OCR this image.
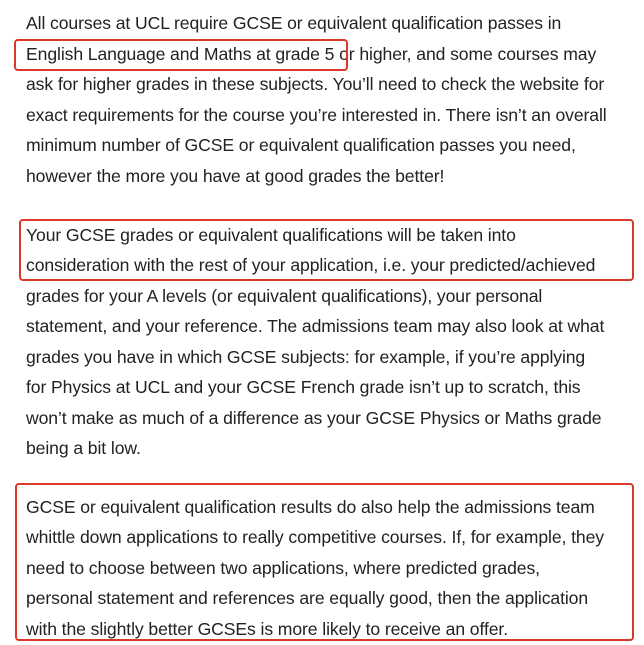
All courses at UCL require GCSE or equivalent qualification passes in
English Language and Maths at grade 5 or higher, and some courses may
ask for higher grades in these subjects. You’ll need to check the website for
exact requirements for the course you’re interested in. There isn’t an overall
minimum number of GCSE or equivalent qualification passes you need,
however the more you have at good grades the better!
Your GCSE grades or equivalent qualifications will be taken into
consideration with the rest of your application, i.e. your predicted/achieved
grades for your A levels (or equivalent qualifications), your personal
statement, and your reference. The admissions team may also look at what
grades you have in which GCSE subjects: for example, if you’re applying
for Physics at UCL and your GCSE French grade isn’t up to scratch, this
won’t make as much of a difference as your GCSE Physics or Maths grade
being a bit low.
GCSE or equivalent qualification results do also help the admissions team
whittle down applications to really competitive courses. If, for example, they
need to choose between two applications, where predicted grades,
personal statement and references are equally good, then the application
with the slightly better GCSEs is more likely to receive an offer.
